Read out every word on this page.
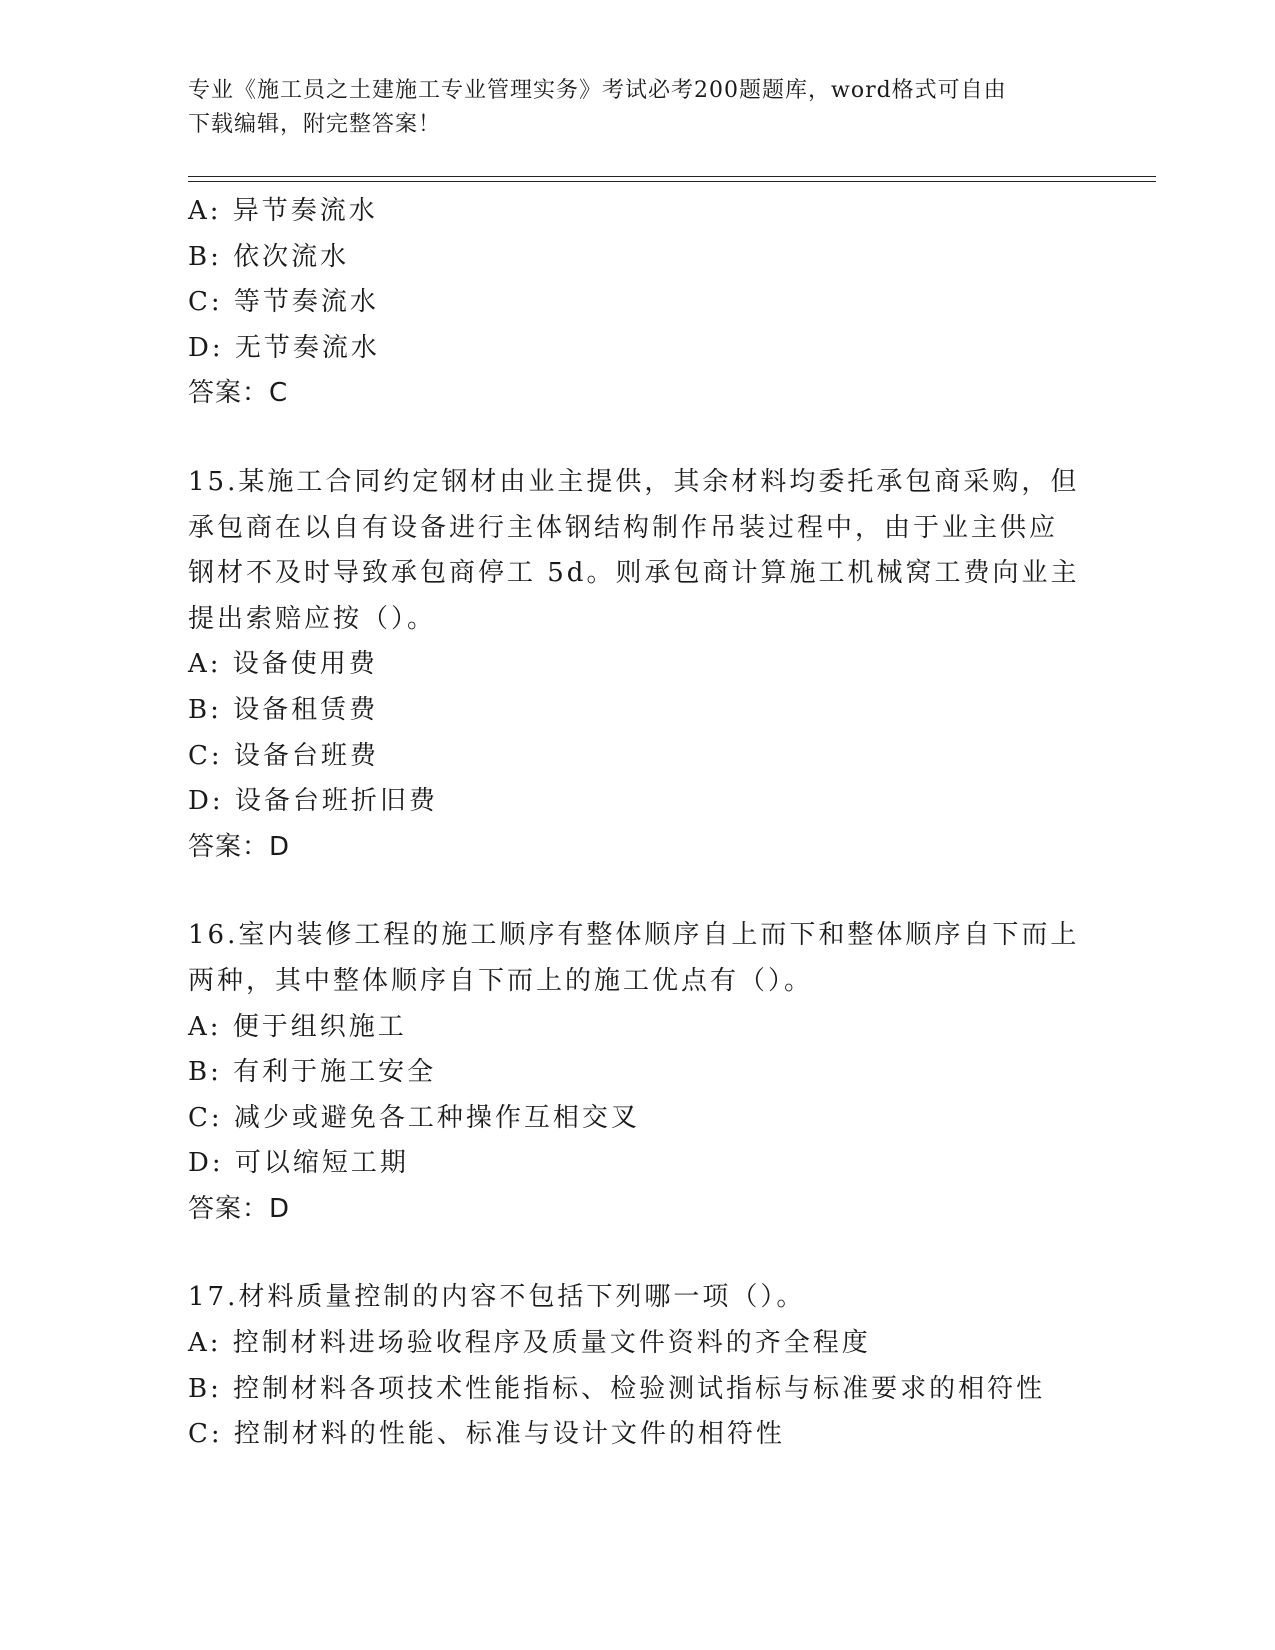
专业《施工员之土建施工专业管理实务》考试必考200题题库，word格式可自由
下载编辑，附完整答案！
A: 异节奏流水
B: 依次流水
C: 等节奏流水
D: 无节奏流水
答案：C
15.某施工合同约定钢材由业主提供，其余材料均委托承包商采购，但
承包商在以自有设备进行主体钢结构制作吊装过程中，由于业主供应
钢材不及时导致承包商停工 5d。则承包商计算施工机械窝工费向业主
提出索赔应按（）。
A: 设备使用费
B: 设备租赁费
C: 设备台班费
D: 设备台班折旧费
答案：D
16.室内装修工程的施工顺序有整体顺序自上而下和整体顺序自下而上
两种，其中整体顺序自下而上的施工优点有（）。
A: 便于组织施工
B: 有利于施工安全
C: 减少或避免各工种操作互相交叉
D: 可以缩短工期
答案：D
17.材料质量控制的内容不包括下列哪一项（）。
A: 控制材料进场验收程序及质量文件资料的齐全程度
B: 控制材料各项技术性能指标、检验测试指标与标准要求的相符性
C: 控制材料的性能、标准与设计文件的相符性
